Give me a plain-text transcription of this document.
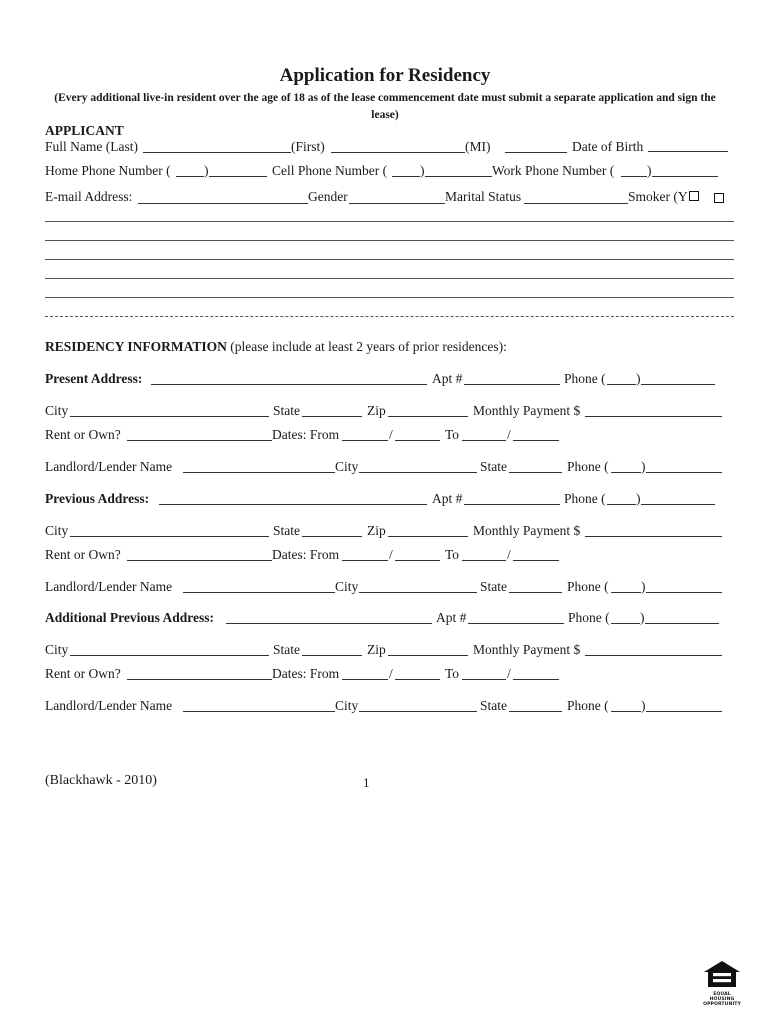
Application for Residency
(Every additional live-in resident over the age of 18 as of the lease commencement date must submit a separate application and sign the lease)
APPLICANT
Full Name (Last)	(First)	(MI)	Date of Birth
Home Phone Number ( )	Cell Phone Number ( )	Work Phone Number ( )
E-mail Address:	Gender	Marital Status	Smoker (Y
RESIDENCY INFORMATION (please include at least 2 years of prior residences):
Present Address:	Apt #	Phone ( )
City	State	Zip	Monthly Payment $
Rent or Own?	Dates: From	/	To	/
Landlord/Lender Name	City	State	Phone ( )
Previous Address:	Apt #	Phone ( )
City	State	Zip	Monthly Payment $
Rent or Own?	Dates: From	/	To	/
Landlord/Lender Name	City	State	Phone ( )
Additional Previous Address:	Apt #	Phone ( )
City	State	Zip	Monthly Payment $
Rent or Own?	Dates: From	/	To	/
Landlord/Lender Name	City	State	Phone ( )
(Blackhawk - 2010)	1
EQUAL HOUSING
OPPORTUNITY
